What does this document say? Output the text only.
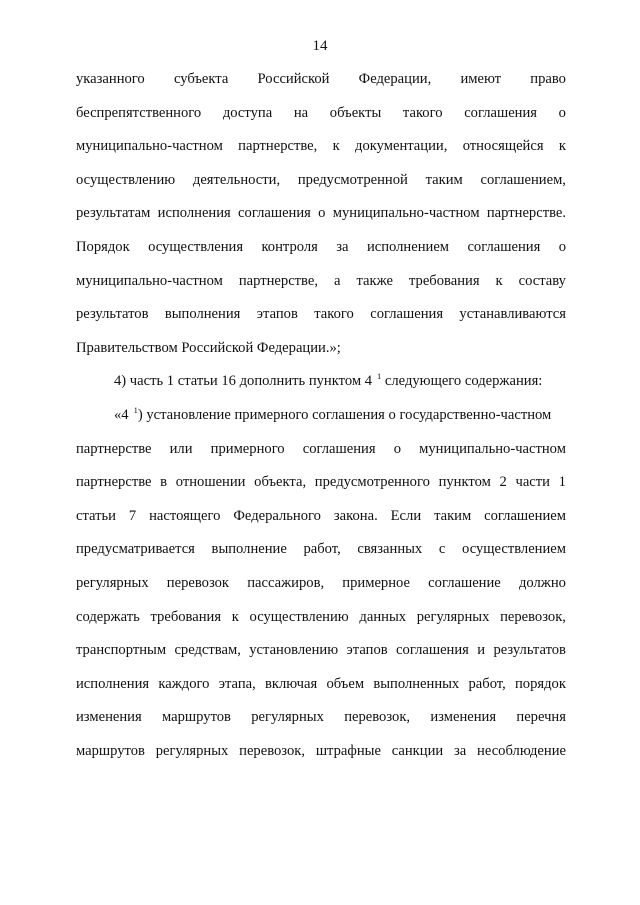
14
указанного субъекта Российской Федерации, имеют право
беспрепятственного доступа на объекты такого соглашения о
муниципально-частном партнерстве, к документации, относящейся к
осуществлению деятельности, предусмотренной таким соглашением,
результатам исполнения соглашения о муниципально-частном партнерстве.
Порядок осуществления контроля за исполнением соглашения о
муниципально-частном партнерстве, а также требования к составу
результатов выполнения этапов такого соглашения устанавливаются
Правительством Российской Федерации.»;
4) часть 1 статьи 16 дополнить пунктом 4 $^1$ следующего содержания:
«4 $^1$) установление примерного соглашения о государственно-частном
партнерстве или примерного соглашения о муниципально-частном
партнерстве в отношении объекта, предусмотренного пунктом 2 части 1
статьи 7 настоящего Федерального закона. Если таким соглашением
предусматривается выполнение работ, связанных с осуществлением
регулярных перевозок пассажиров, примерное соглашение должно
содержать требования к осуществлению данных регулярных перевозок,
транспортным средствам, установлению этапов соглашения и результатов
исполнения каждого этапа, включая объем выполненных работ, порядок
изменения маршрутов регулярных перевозок, изменения перечня
маршрутов регулярных перевозок, штрафные санкции за несоблюдение
